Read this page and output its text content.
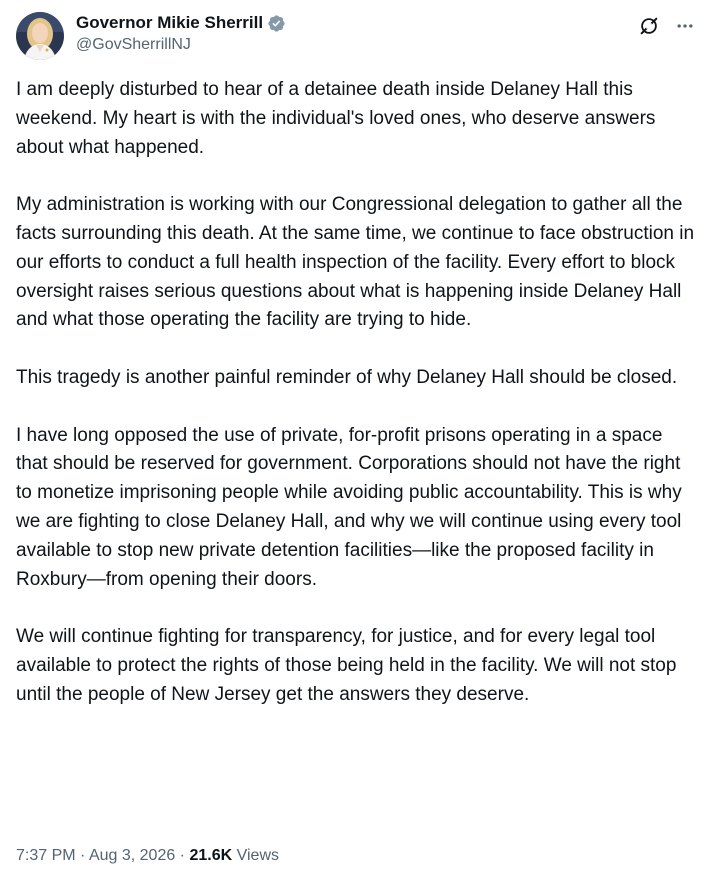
Governor Mikie Sherrill
@GovSherrillNJ

I am deeply disturbed to hear of a detainee death inside Delaney Hall this weekend. My heart is with the individual's loved ones, who deserve answers about what happened.

My administration is working with our Congressional delegation to gather all the facts surrounding this death. At the same time, we continue to face obstruction in our efforts to conduct a full health inspection of the facility. Every effort to block oversight raises serious questions about what is happening inside Delaney Hall and what those operating the facility are trying to hide.

This tragedy is another painful reminder of why Delaney Hall should be closed.

I have long opposed the use of private, for-profit prisons operating in a space that should be reserved for government. Corporations should not have the right to monetize imprisoning people while avoiding public accountability. This is why we are fighting to close Delaney Hall, and why we will continue using every tool available to stop new private detention facilities—like the proposed facility in Roxbury—from opening their doors.

We will continue fighting for transparency, for justice, and for every legal tool available to protect the rights of those being held in the facility. We will not stop until the people of New Jersey get the answers they deserve.

7:37 PM · Aug 3, 2026 · 21.6K Views
